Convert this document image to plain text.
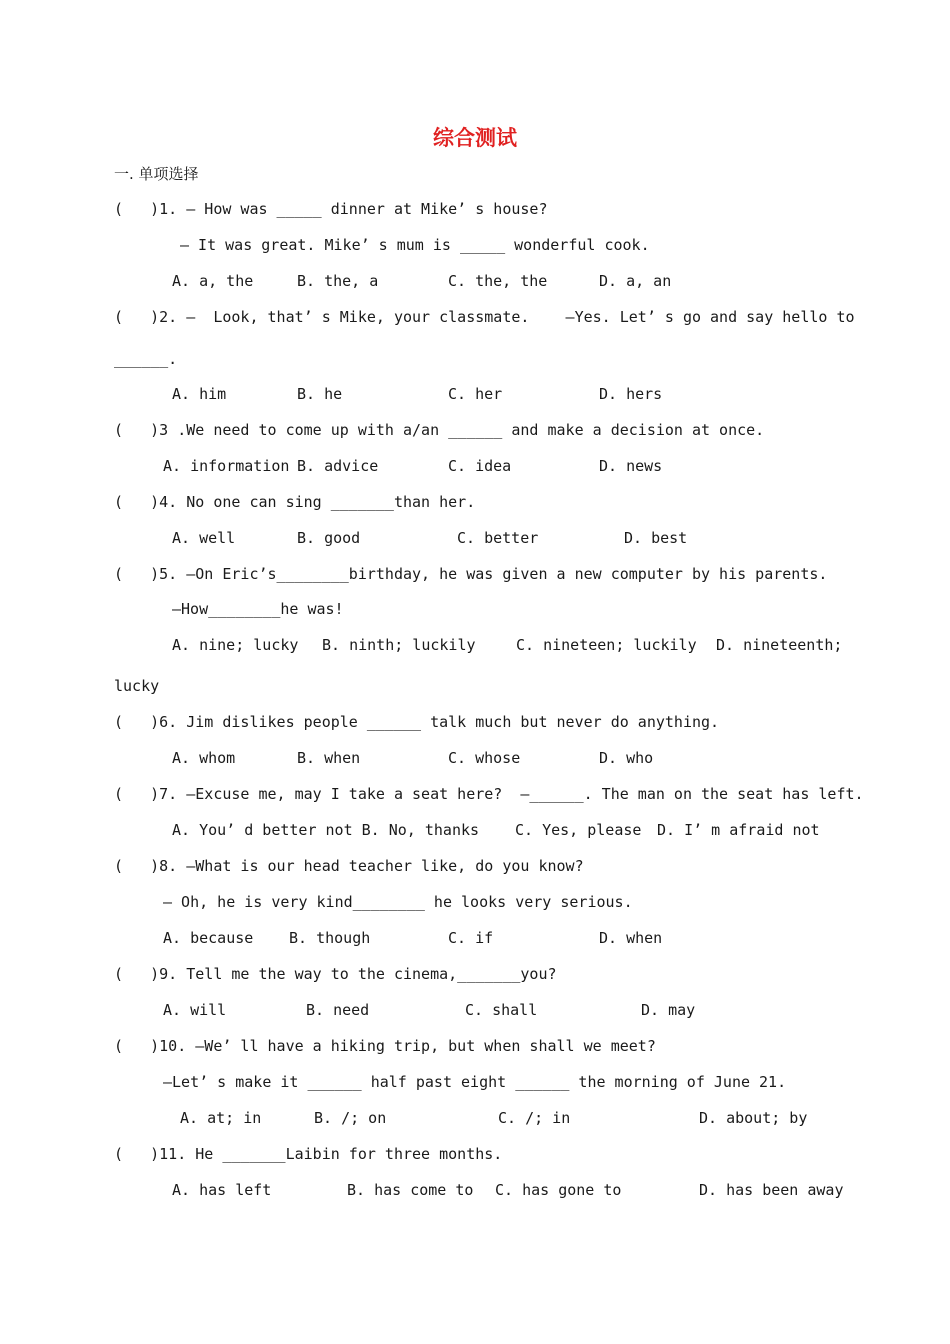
综合测试
一. 单项选择
(   )1. — How was _____ dinner at Mike’ s house?
— It was great. Mike’ s mum is _____ wonderful cook.
A. a, the	B. the, a	C. the, the	D. a, an
(   )2. —  Look, that’ s Mike, your classmate.    —Yes. Let’ s go and say hello to
______.
A. him	B. he	C. her	D. hers
(   )3 .We need to come up with a/an ______ and make a decision at once.
A. information B. advice	C. idea	D. news
(   )4. No one can sing _______than her.
A. well	B. good	C. better	D. best
(   )5. —On Eric’s________birthday, he was given a new computer by his parents.
—How________he was!
A. nine; lucky B. ninth; luckily	C. nineteen; luckily D. nineteenth;
lucky
(   )6. Jim dislikes people ______ talk much but never do anything.
A. whom	B. when	C. whose	D. who
(   )7. —Excuse me, may I take a seat here?  —______. The man on the seat has left.
A. You’ d better not B. No, thanks C. Yes, please D. I’ m afraid not
(   )8. —What is our head teacher like, do you know?
— Oh, he is very kind________ he looks very serious.
A. because B. though	C. if	D. when
(   )9. Tell me the way to the cinema,_______you?
A. will	B. need	C. shall	D. may
(   )10. —We’ ll have a hiking trip, but when shall we meet?
—Let’ s make it ______ half past eight ______ the morning of June 21.
A. at; in	B. /; on	C. /; in	D. about; by
(   )11. He _______Laibin for three months.
A. has left	B. has come to C. has gone to	D. has been away
